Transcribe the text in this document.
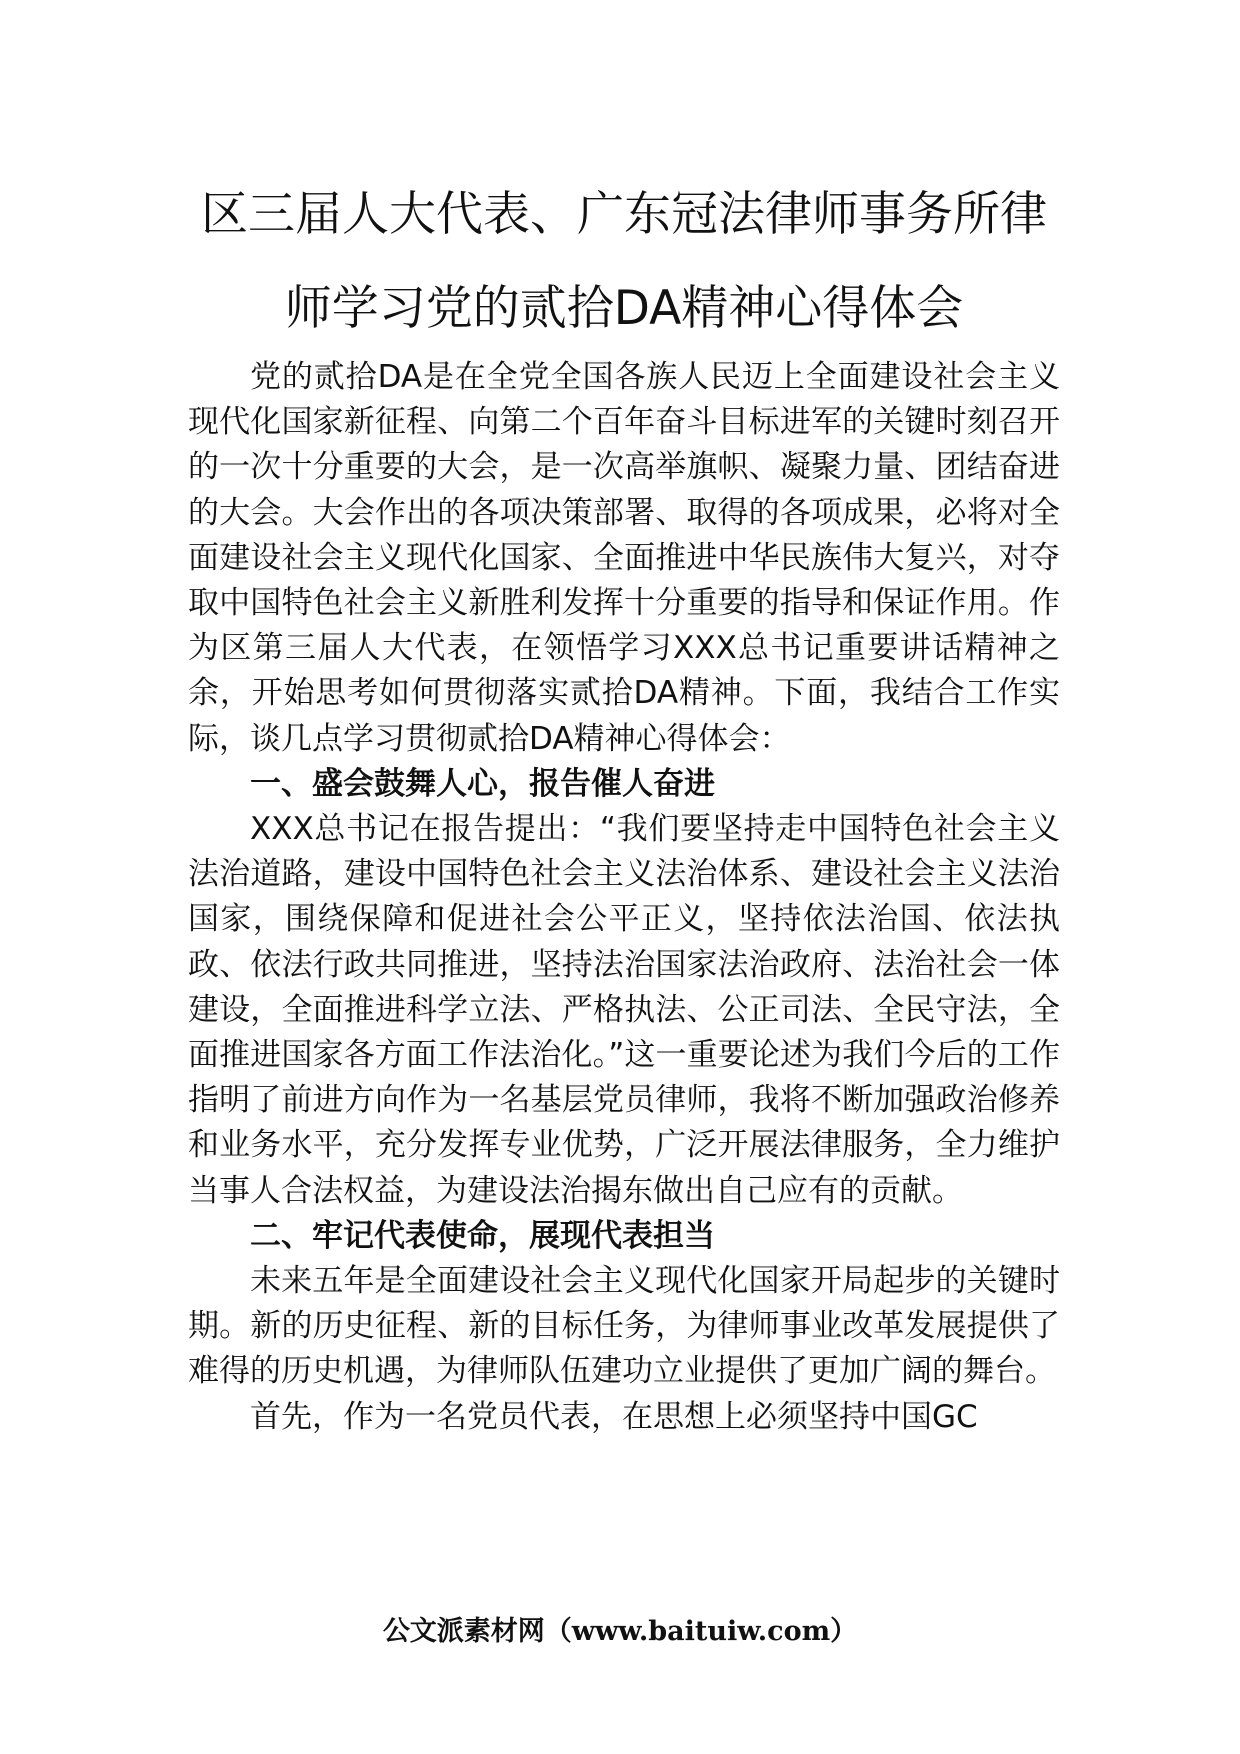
区三届人大代表、广东冠法律师事务所律
师学习党的贰拾DA精神心得体会

党的贰拾DA是在全党全国各族人民迈上全面建设社会主义现代化国家新征程、向第二个百年奋斗目标进军的关键时刻召开的一次十分重要的大会，是一次高举旗帜、凝聚力量、团结奋进的大会。大会作出的各项决策部署、取得的各项成果，必将对全面建设社会主义现代化国家、全面推进中华民族伟大复兴，对夺取中国特色社会主义新胜利发挥十分重要的指导和保证作用。作为区第三届人大代表，在领悟学习XXX总书记重要讲话精神之余，开始思考如何贯彻落实贰拾DA精神。下面，我结合工作实际，谈几点学习贯彻贰拾DA精神心得体会：

一、盛会鼓舞人心，报告催人奋进

XXX总书记在报告提出：“我们要坚持走中国特色社会主义法治道路，建设中国特色社会主义法治体系、建设社会主义法治国家，围绕保障和促进社会公平正义，坚持依法治国、依法执政、依法行政共同推进，坚持法治国家法治政府、法治社会一体建设，全面推进科学立法、严格执法、公正司法、全民守法，全面推进国家各方面工作法治化。”这一重要论述为我们今后的工作指明了前进方向作为一名基层党员律师，我将不断加强政治修养和业务水平，充分发挥专业优势，广泛开展法律服务，全力维护当事人合法权益，为建设法治揭东做出自己应有的贡献。

二、牢记代表使命，展现代表担当

未来五年是全面建设社会主义现代化国家开局起步的关键时期。新的历史征程、新的目标任务，为律师事业改革发展提供了难得的历史机遇，为律师队伍建功立业提供了更加广阔的舞台。

首先，作为一名党员代表，在思想上必须坚持中国GC

公文派素材网（www.baituiw.com）
